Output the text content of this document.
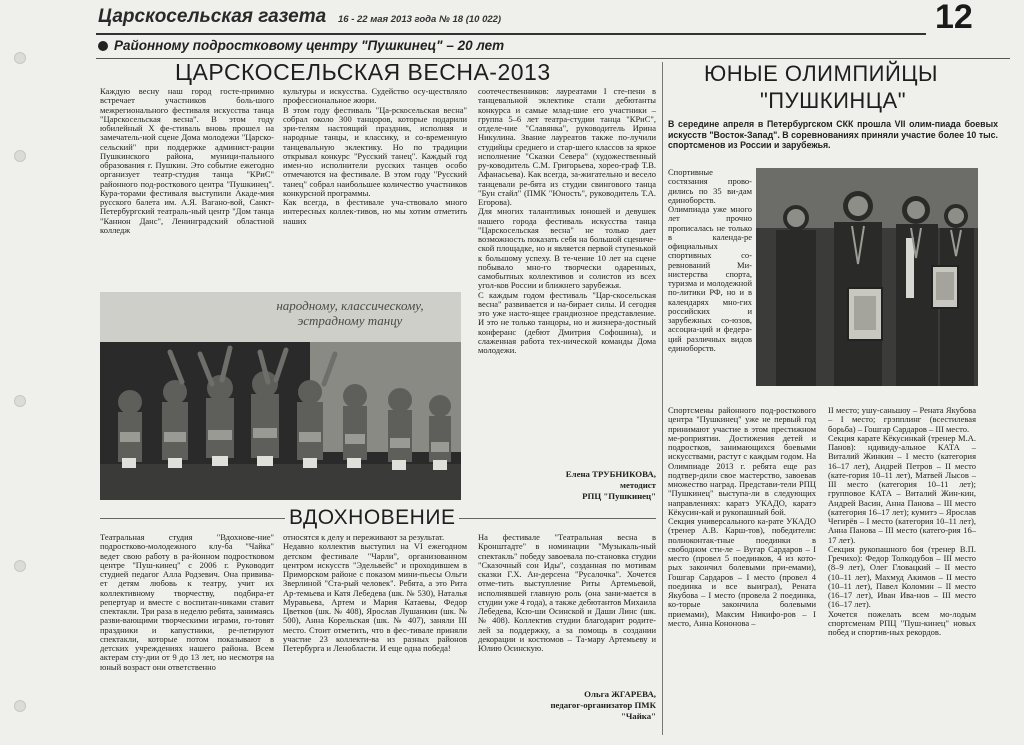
Царскосельская газета 16 - 22 мая 2013 года № 18 (10 022)	12
Районному подростковому центру "Пушкинец" – 20 лет
ЦАРСКОСЕЛЬСКАЯ ВЕСНА-2013
Каждую весну наш город госте-приимно встречает участников боль-шого межрегионального фестиваля искусства танца "Царскосельская весна". В этом году юбилейный X фе-стиваль вновь прошел на замечатель-ной сцене Дома молодежи "Царско-сельский" при поддержке админист-рации Пушкинского района, муници-пального образования г. Пушкин. Это событие ежегодно организует театр-студия танца "КРиС" районного под-росткового центра "Пушкинец". Кура-торами фестиваля выступили Акаде-мия русского балета им. А.Я. Вагано-вой, Санкт-Петербургский театраль-ный центр "Дом танца "Каннон Данс", Ленинградский областной колледж
культуры и искусства. Судейство осу-ществляло профессиональное жюри.
В этом году фестиваль "Ца-рскосельская весна" собрал около 300 танцоров, которые подарили зри-телям настоящий праздник, исполняя и народные танцы, и классику, и со-временную танцевальную эклектику. Но по традиции открывал конкурс "Русский танец". Каждый год имен-но исполнители русских танцев особо отмечаются на фестивале. В этом году "Русский танец" собрал наибольшее количество участников конкурсной программы.
Как всегда, в фестивале уча-ствовало много интересных коллек-тивов, но мы хотим отметить наших
соотечественников: лауреатами I сте-пени в танцевальной эклектике стали дебютанты конкурса и самые млад-шие его участники – группа 5–6 лет театра-студии танца "КРиС", отделе-ние "Славянка", руководитель Ирина Никулина. Звание лауреатов также по-лучили студийцы среднего и стар-шего классов за яркое исполнение "Сказки Севера" (художественный ру-ководитель С.М. Григорьева, хорео-граф Т.В. Афанасьева). Как всегда, за-жигательно и весело танцевали ре-бята из студии свингового танца "Бун стайл" (ПМК "Юность", руководитель Т.А. Егорова).
Для многих талантливых юношей и девушек нашего города фестиваль искусства танца "Царскосельская весна" не только дает возможность показать себя на большой сцениче-ской площадке, но и является первой ступенькой к большому успеху. В те-чение 10 лет на сцене побывало мно-го творчески одаренных, самобытных коллективов и солистов из всех угол-ков России и ближнего зарубежья.
С каждым годом фестиваль "Цар-скосельская весна" развивается и на-бирает силы. И сегодня это уже насто-ящее грандиозное представление. И это не только танцоры, но и жизнера-достный конферанс (дебют Дмитрия Софошина), и слаженная работа тех-нической команды Дома молодежи.
Елена ТРУБНИКОВА,
методист
РПЦ "Пушкинец"
народному, классическому, эстрадному танцу
ЮНЫЕ ОЛИМПИЙЦЫ
"ПУШКИНЦА"
В середине апреля в Петербургском СКК прошла VII олим-пиада боевых искусств "Восток-Запад". В соревнованиях приняли участие более 10 тыс. спортсменов из России и зарубежья.
Спортивные состязания прово-дились по 35 ви-дам единоборств. Олимпиада уже много лет прочно прописалась не только в календа-ре официальных спортивных со-ревнований Ми-нистерства спорта, туризма и молодежной по-литики РФ, но и в календарях мно-гих российских и зарубежных со-юзов, ассоциа-ций и федера-ций различных видов единоборств.
Спортсмены районного под-росткового центра "Пушкинец" уже не первый год принимают участие в этом престижном ме-роприятии. Достижения детей и подростков, занимающихся боевыми искусствами, растут с каждым годом. На Олимпиаде 2013 г. ребята еще раз подтвер-дили свое мастерство, завоевав множество наград. Представи-тели РПЦ "Пушкинец" выступа-ли в следующих направлениях: каратэ УКАДО, каратэ Кёкусин-кай и рукопашный бой.
Секция универсального ка-рате УКАДО (тренер А.В. Карш-тов), победители: полноконтак-тные поединки в свободном сти-ле – Вугар Сардаров – I место (провел 5 поединков, 4 из кото-рых закончил болевыми при-емами), Гошгар Сардаров – I место (провел 4 поединка и все выиграл), Рената Якубова – I место (провела 2 поединка, ко-торые закончила болевыми приемами), Максим Никифо-ров – I место, Анна Кононова –
II место; ушу-саньшоу – Рената Якубова – I место; грэпплинг (всестилевая борьба) – Гошгар Сардаров – III место.
Секция карате Кёкусинкай (тренер М.А. Панов): ндивиду-альное КАТА – Виталий Жинкин – I место (категория 16–17 лет), Андрей Петров – II место (кате-гория 10–11 лет), Матвей Лысов – III место (категория 10–11 лет); групповое КАТА – Виталий Жин-кин, Андрей Васин, Анна Панова – III место (категория 16–17 лет); кумитэ – Ярослав Чегирёв – I место (категория 10–11 лет), Анна Панова – III место (катего-рия 16–17 лет).
Секция рукопашного боя (тренер В.П. Гречихо): Федор Толкодубов – III место (8–9 лет), Олег Гловацкий – II место (10–11 лет), Махмуд Акимов – II место (10–11 лет), Павел Коломин – II место (16–17 лет), Иван Ива-нов – III место (16–17 лет).
Хочется пожелать всем мо-лодым спортсменам РПЦ "Пуш-кинец" новых побед и спортив-ных рекордов.
ВДОХНОВЕНИЕ
Театральная студия "Вдохнове-ние" подростково-молодежного клу-ба "Чайка" ведет свою работу в ра-йонном подростковом центре "Пуш-кинец" с 2006 г. Руководит студией педагог Алла Родзевич. Она привива-ет детям любовь к театру, учит их коллективному творчеству, подбира-ет репертуар и вместе с воспитан-никами ставит спектакли. Три раза в неделю ребята, занимаясь разви-вающими творческими играми, го-товят праздники и капустники, ре-петируют спектакли, которые потом показывают в детских учреждениях нашего района. Всем актерам сту-дии от 9 до 13 лет, но несмотря на юный возраст они ответственно
относятся к делу и переживают за результат.
Недавно коллектив выступил на VI ежегодном детском фестивале "Чарли", организованном центром искусств "Эдельвейс" и проходившем в Приморском районе с показом мини-пьесы Ольги Зверлиной "Ста-рый человек". Ребята, а это Рита Ар-темьева и Катя Лебедева (шк. № 530), Наталья Муравьева, Артем и Мария Катаевы, Федор Цветков (шк. № 408), Ярослав Лушанкин (шк. № 500), Анна Корельская (шк. № 407), заняли III место. Стоит отметить, что в фес-тивале приняли участие 23 коллекти-ва из разных районов Петербурга и Ленобласти. И еще одна победа!
На фестивале "Театральная весна в Кронштадте" в номинации "Музыкаль-ный спектакль" победу завоевала по-становка студии "Сказочный сон Иды", созданная по мотивам сказки Г.Х. Ан-дерсена "Русалочка". Хочется отме-тить выступление Риты Артемьевой, исполнявшей главную роль (она зани-мается в студии уже 4 года), а также дебютантов Михаила Лебедева, Ксю-ши Осинской и Даши Линс (шк. № 408). Коллектив студии благодарит родите-лей за поддержку, а за помощь в создании декорации и костюмов – Та-мару Артемьеву и Юлию Осинскую.
Ольга ЖГАРЕВА,
педагог-организатор ПМК
"Чайка"
